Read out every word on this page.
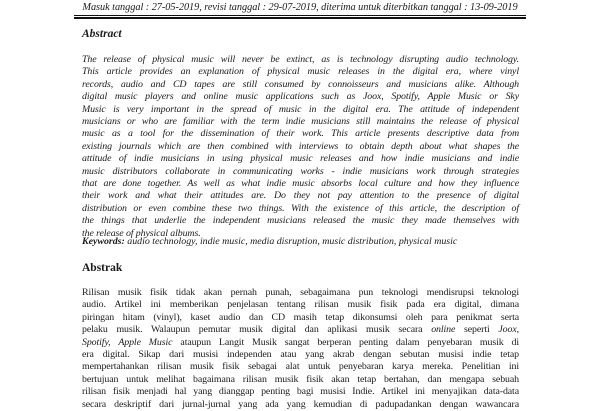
Masuk tanggal : 27-05-2019, revisi tanggal : 29-07-2019, diterima untuk diterbitkan tanggal : 13-09-2019
Abstract
The release of physical music will never be extinct, as is technology disrupting audio technology.
This article provides an explanation of physical music releases in the digital era, where vinyl
records, audio and CD tapes are still consumed by connoisseurs and musicians alike. Although
digital music players and online music applications such as Joox, Spotify, Apple Music or Sky
Music is very important in the spread of music in the digital era. The attitude of independent
musicians or who are familiar with the term indie musicians still maintains the release of physical
music as a tool for the dissemination of their work. This article presents descriptive data from
existing journals which are then combined with interviews to obtain depth about what shapes the
attitude of indie musicians in using physical music releases and how indie musicians and indie
music distributors collaborate in communicating works - indie musicians work through strategies
that are done together. As well as what indie music absorbs local culture and how they influence
their work and what their attitudes are. Do they not pay attention to the presence of digital
distribution or even combine these two things. With the existence of this article, the description of
the things that underlie the independent musicians released the music they made themselves with
the release of physical albums.
Keywords: audio technology, indie music, media disruption, music distribution, physical music
Abstrak
Rilisan musik fisik tidak akan pernah punah, sebagaimana pun teknologi mendisrupsi teknologi
audio. Artikel ini memberikan penjelasan tentang rilisan musik fisik pada era digital, dimana
piringan hitam (vinyl), kaset audio dan CD masih tetap dikonsumsi oleh para penikmat serta
pelaku musik. Walaupun pemutar musik digital dan aplikasi musik secara online seperti Joox,
Spotify, Apple Music ataupun Langit Musik sangat berperan penting dalam penyebaran musik di
era digital. Sikap dari musisi independen atau yang akrab dengan sebutan musisi indie tetap
mempertahankan rilisan musik fisik sebagai alat untuk penyebaran karya mereka. Penelitian ini
bertujuan untuk melihat bagaimana rilisan musik fisik akan tetap bertahan, dan mengapa sebuah
rilisan fisik menjadi hal yang dianggap penting bagi musisi Indie. Artikel ini menyajikan data-data
secara deskriptif dari jurnal-jurnal yang ada yang kemudian di padupadankan dengan wawancara
